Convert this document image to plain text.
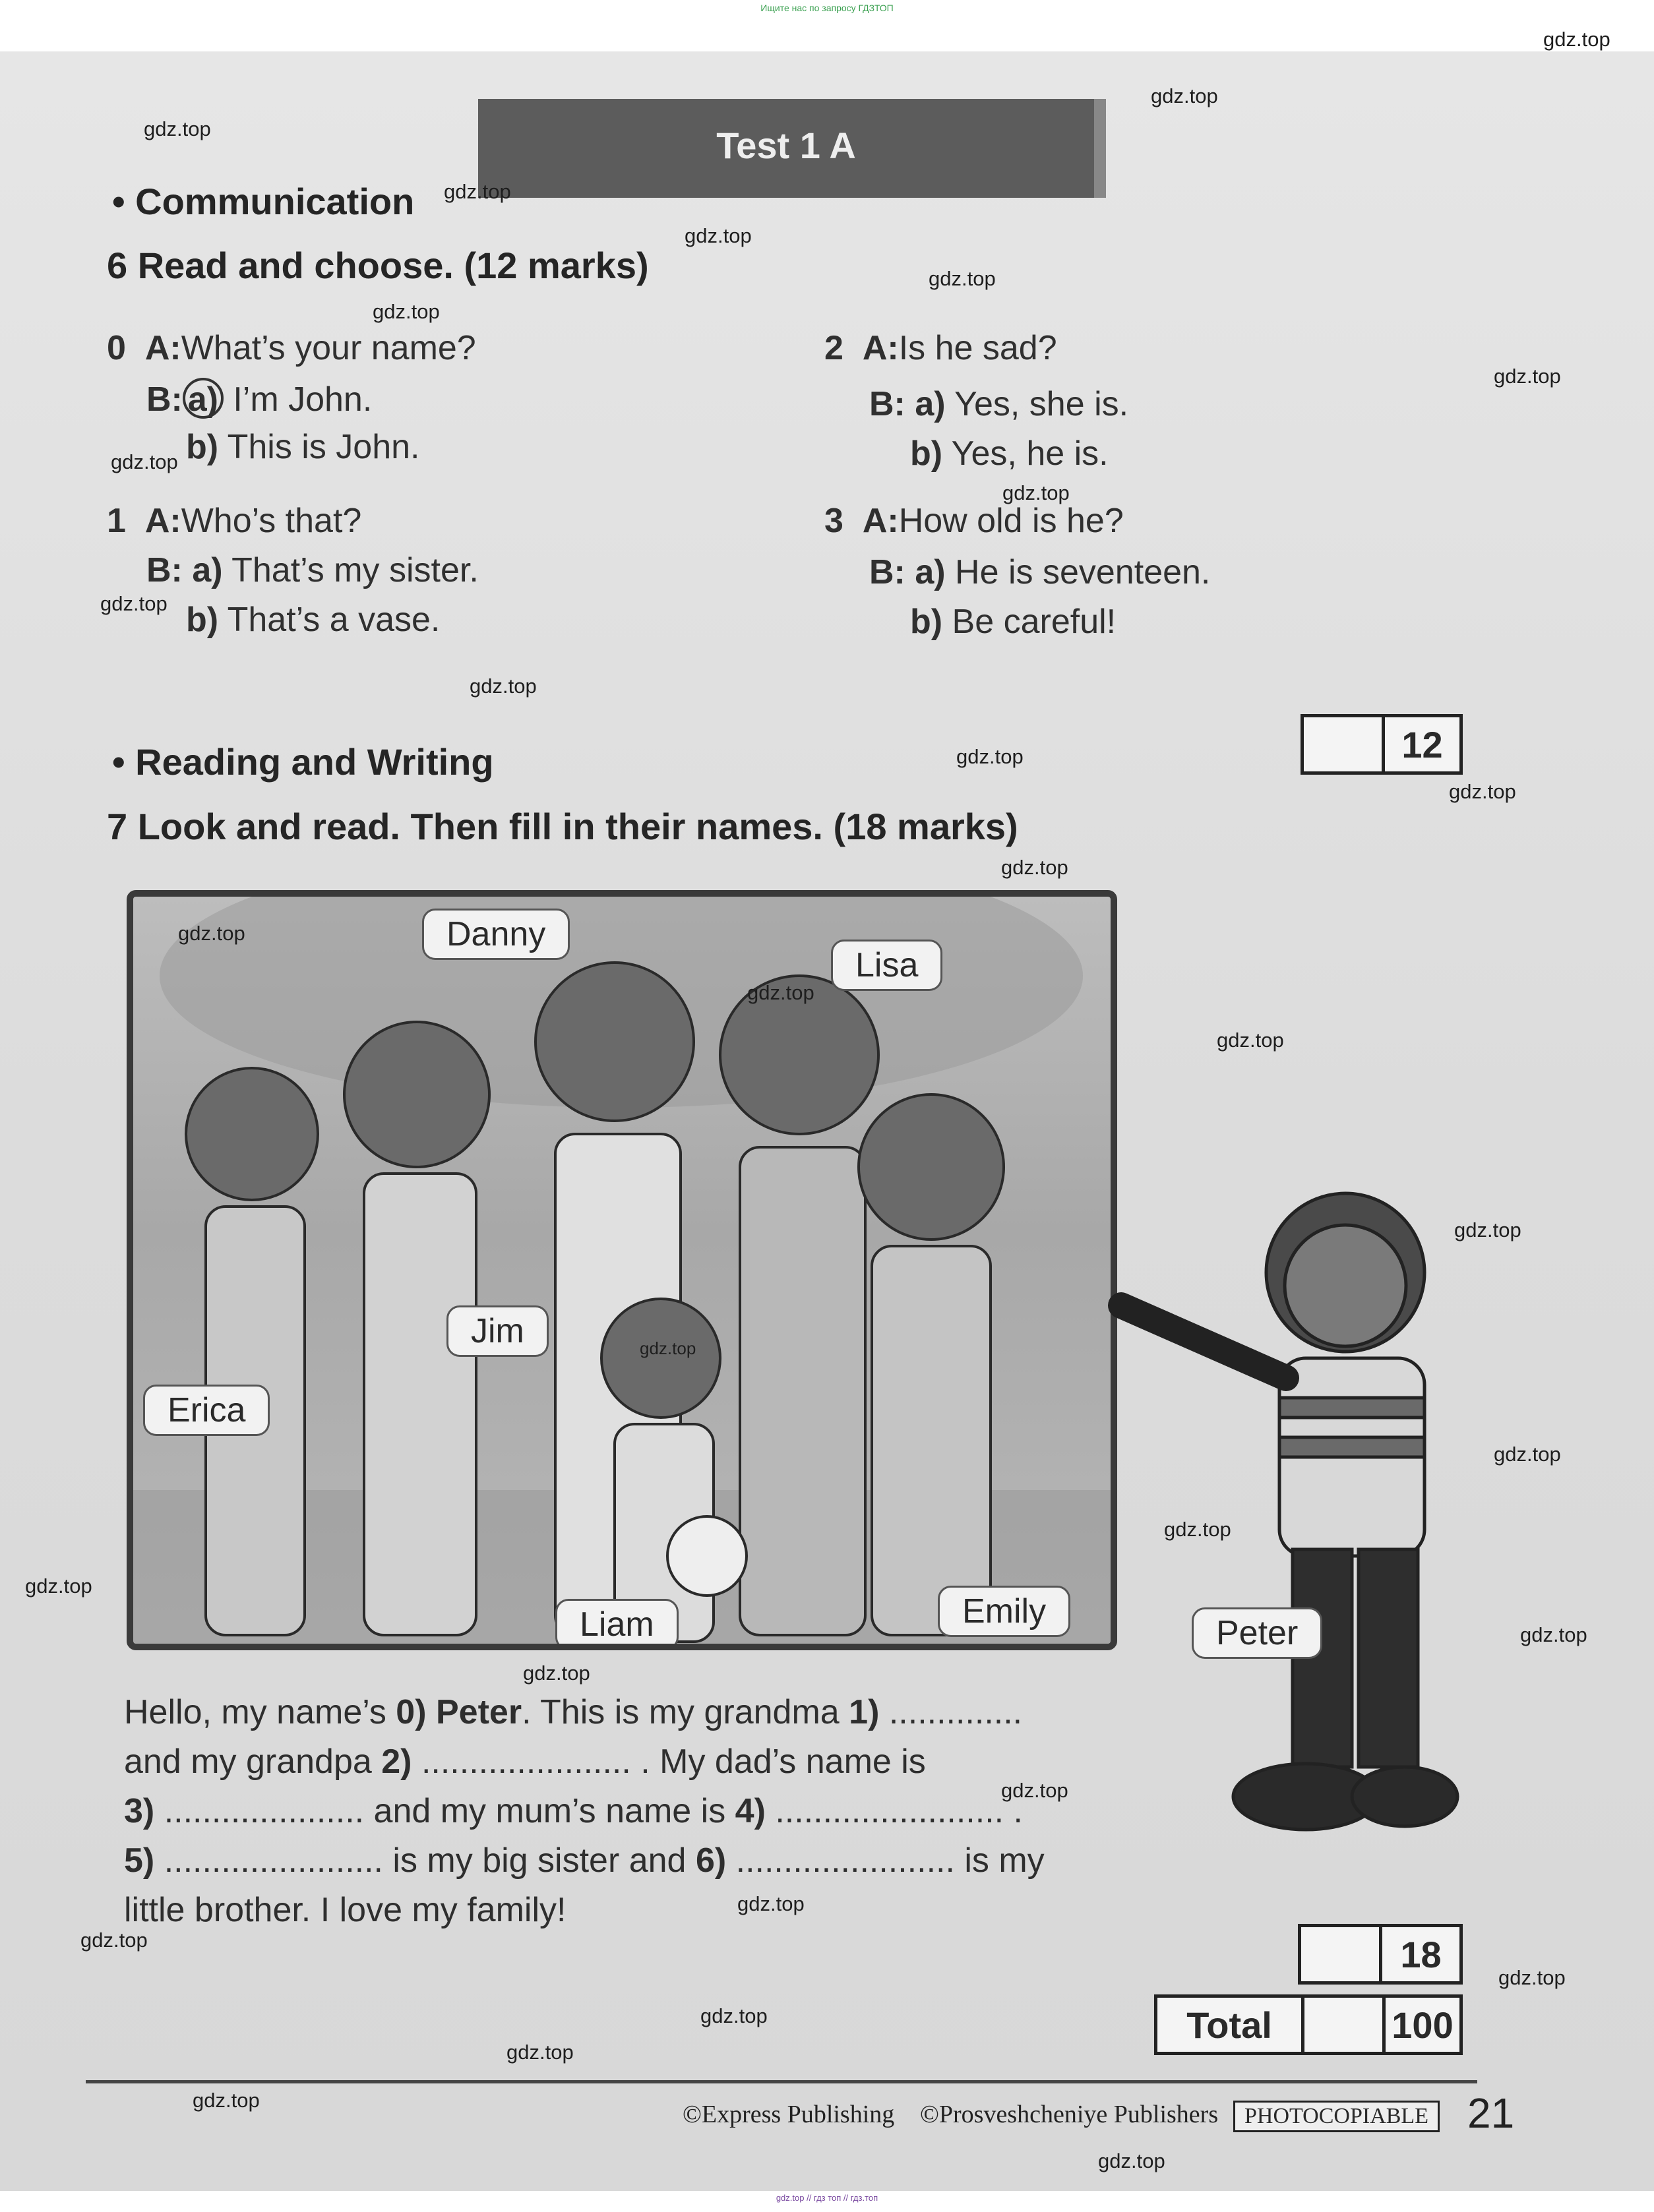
Ищите нас по запросу ГДЗТОП
Test 1 A
• Communication
6 Read and choose. (12 marks)
0 A:What’s your name?
B: a) I’m John.
b) This is John.
1 A:Who’s that?
B: a) That’s my sister.
b) That’s a vase.
2 A:Is he sad?
B: a) Yes, she is.
b) Yes, he is.
3 A:How old is he?
B: a) He is seventeen.
b) Be careful!
12
• Reading and Writing
7 Look and read. Then fill in their names. (18 marks)
Danny
Lisa
Jim
Erica
Liam	Emily
Peter
Hello, my name’s 0) Peter. This is my grandma 1) ..............
and my grandpa 2) ...................... . My dad’s name is
3) ..................... and my mum’s name is 4) ........................ .
5) ....................... is my big sister and 6) ....................... is my
little brother. I love my family!
18
Total	100
©Express Publishing ©Prosveshcheniye Publishers	PHOTOCOPIABLE 21
gdz.top
gdz.top
gdz.top
gdz.top
gdz.top
gdz.top
gdz.top
gdz.top
gdz.top
gdz.top
gdz.top
gdz.top
gdz.top
gdz.top
gdz.top
gdz.top
gdz.top
gdz.top
gdz.top
gdz.top
gdz.top
gdz.top
gdz.top
gdz.top
gdz.top
gdz.top
gdz.top
gdz.top
gdz.top
gdz.top
gdz.top
gdz.top
gdz.top
gdz.top // гдз топ // гдз.топ
